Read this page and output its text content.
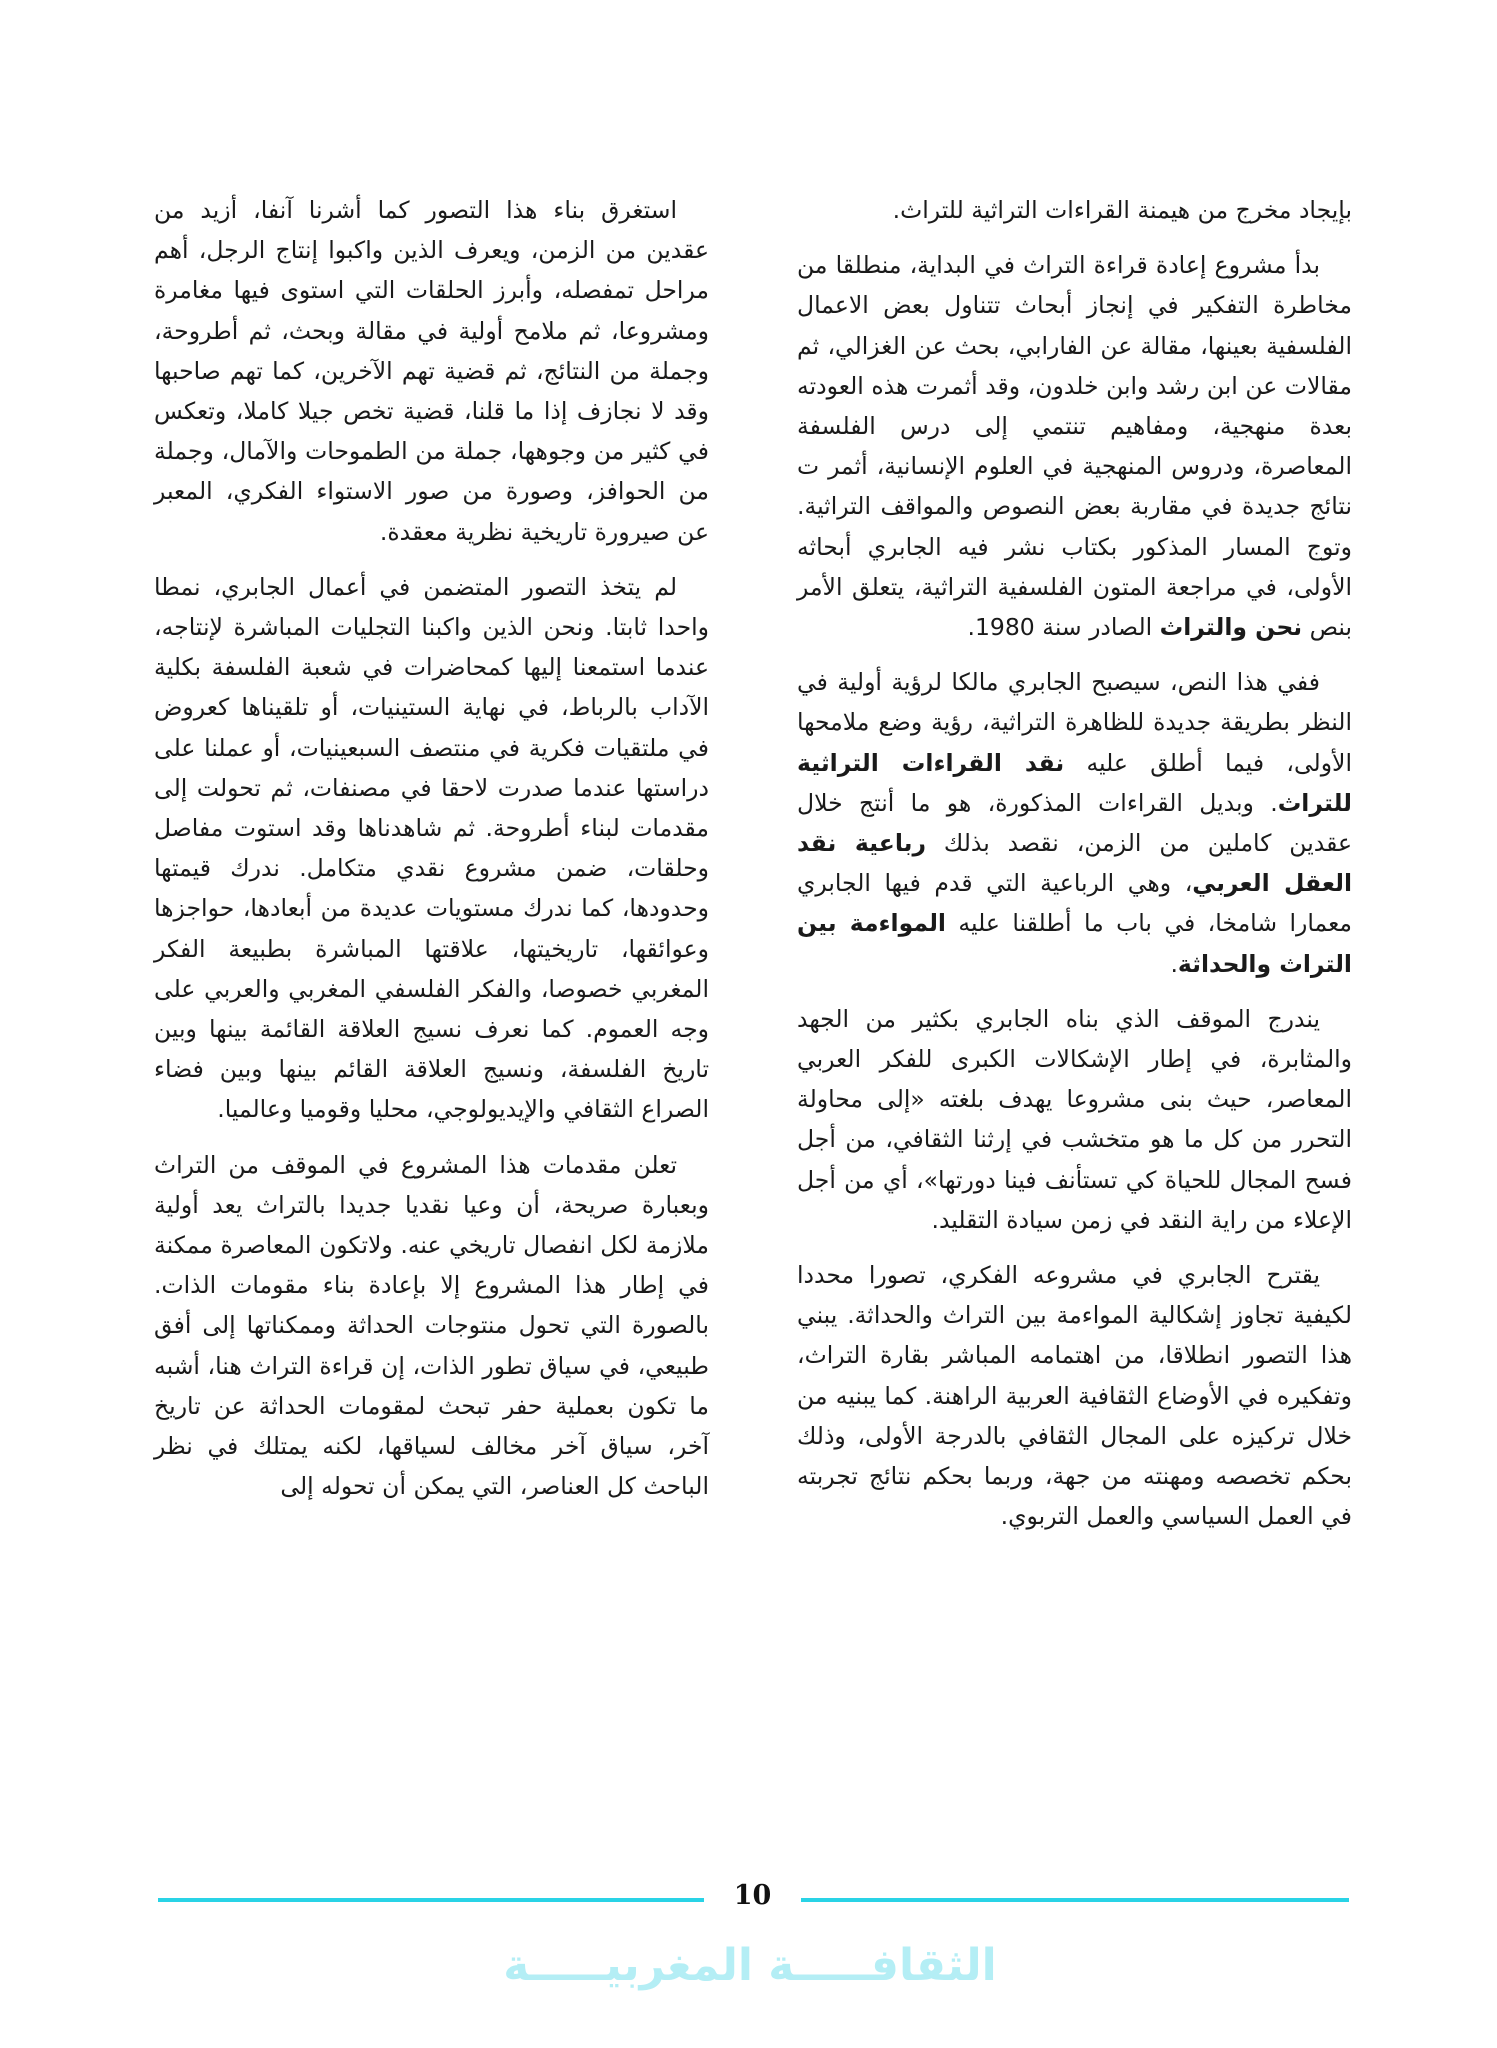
بإيجاد مخرج من هيمنة القراءات التراثية للتراث.

بدأ مشروع إعادة قراءة التراث في البداية، منطلقا من مخاطرة التفكير في إنجاز أبحاث تتناول بعض الاعمال الفلسفية بعينها، مقالة عن الفارابي، بحث عن الغزالي، ثم مقالات عن ابن رشد وابن خلدون، وقد أثمرت هذه العودته بعدة منهجية، ومفاهيم تنتمي إلى درس الفلسفة المعاصرة، ودروس المنهجية في العلوم الإنسانية، أثمر ت نتائج جديدة في مقاربة بعض النصوص والمواقف التراثية. وتوج المسار المذكور بكتاب نشر فيه الجابري أبحاثه الأولى، في مراجعة المتون الفلسفية التراثية، يتعلق الأمر بنص نحن والتراث الصادر سنة 1980.

ففي هذا النص، سيصبح الجابري مالكا لرؤية أولية في النظر بطريقة جديدة للظاهرة التراثية، رؤية وضع ملامحها الأولى، فيما أطلق عليه نقد القراءات التراثية للتراث. وبديل القراءات المذكورة، هو ما أنتج خلال عقدين كاملين من الزمن، نقصد بذلك رباعية نقد العقل العربي، وهي الرباعية التي قدم فيها الجابري معمارا شامخا، في باب ما أطلقنا عليه المواءمة بين التراث والحداثة.

يندرج الموقف الذي بناه الجابري بكثير من الجهد والمثابرة، في إطار الإشكالات الكبرى للفكر العربي المعاصر، حيث بنى مشروعا يهدف بلغته «إلى محاولة التحرر من كل ما هو متخشب في إرثنا الثقافي، من أجل فسح المجال للحياة كي تستأنف فينا دورتها»، أي من أجل الإعلاء من راية النقد في زمن سيادة التقليد.

يقترح الجابري في مشروعه الفكري، تصورا محددا لكيفية تجاوز إشكالية المواءمة بين التراث والحداثة. يبني هذا التصور انطلاقا، من اهتمامه المباشر بقارة التراث، وتفكيره في الأوضاع الثقافية العربية الراهنة. كما يبنيه من خلال تركيزه على المجال الثقافي بالدرجة الأولى، وذلك بحكم تخصصه ومهنته من جهة، وربما بحكم نتائج تجربته في العمل السياسي والعمل التربوي.

استغرق بناء هذا التصور كما أشرنا آنفا، أزيد من عقدين من الزمن، ويعرف الذين واكبوا إنتاج الرجل، أهم مراحل تمفصله، وأبرز الحلقات التي استوى فيها مغامرة ومشروعا، ثم ملامح أولية في مقالة وبحث، ثم أطروحة، وجملة من النتائج، ثم قضية تهم الآخرين، كما تهم صاحبها وقد لا نجازف إذا ما قلنا، قضية تخص جيلا كاملا، وتعكس في كثير من وجوهها، جملة من الطموحات والآمال، وجملة من الحوافز، وصورة من صور الاستواء الفكري، المعبر عن صيرورة تاريخية نظرية معقدة.

لم يتخذ التصور المتضمن في أعمال الجابري، نمطا واحدا ثابتا. ونحن الذين واكبنا التجليات المباشرة لإنتاجه، عندما استمعنا إليها كمحاضرات في شعبة الفلسفة بكلية الآداب بالرباط، في نهاية الستينيات، أو تلقيناها كعروض في ملتقيات فكرية في منتصف السبعينيات، أو عملنا على دراستها عندما صدرت لاحقا في مصنفات، ثم تحولت إلى مقدمات لبناء أطروحة. ثم شاهدناها وقد استوت مفاصل وحلقات، ضمن مشروع نقدي متكامل. ندرك قيمتها وحدودها، كما ندرك مستويات عديدة من أبعادها، حواجزها وعوائقها، تاريخيتها، علاقتها المباشرة بطبيعة الفكر المغربي خصوصا، والفكر الفلسفي المغربي والعربي على وجه العموم. كما نعرف نسيج العلاقة القائمة بينها وبين تاريخ الفلسفة، ونسيج العلاقة القائم بينها وبين فضاء الصراع الثقافي والإيديولوجي، محليا وقوميا وعالميا.

تعلن مقدمات هذا المشروع في الموقف من التراث وبعبارة صريحة، أن وعيا نقديا جديدا بالتراث يعد أولية ملازمة لكل انفصال تاريخي عنه. ولاتكون المعاصرة ممكنة في إطار هذا المشروع إلا بإعادة بناء مقومات الذات. بالصورة التي تحول منتوجات الحداثة وممكناتها إلى أفق طبيعي، في سياق تطور الذات، إن قراءة التراث هنا، أشبه ما تكون بعملية حفر تبحث لمقومات الحداثة عن تاريخ آخر، سياق آخر مخالف لسياقها، لكنه يمتلك في نظر الباحث كل العناصر، التي يمكن أن تحوله إلى

10
الثقافـــــة المغربيـــــة
